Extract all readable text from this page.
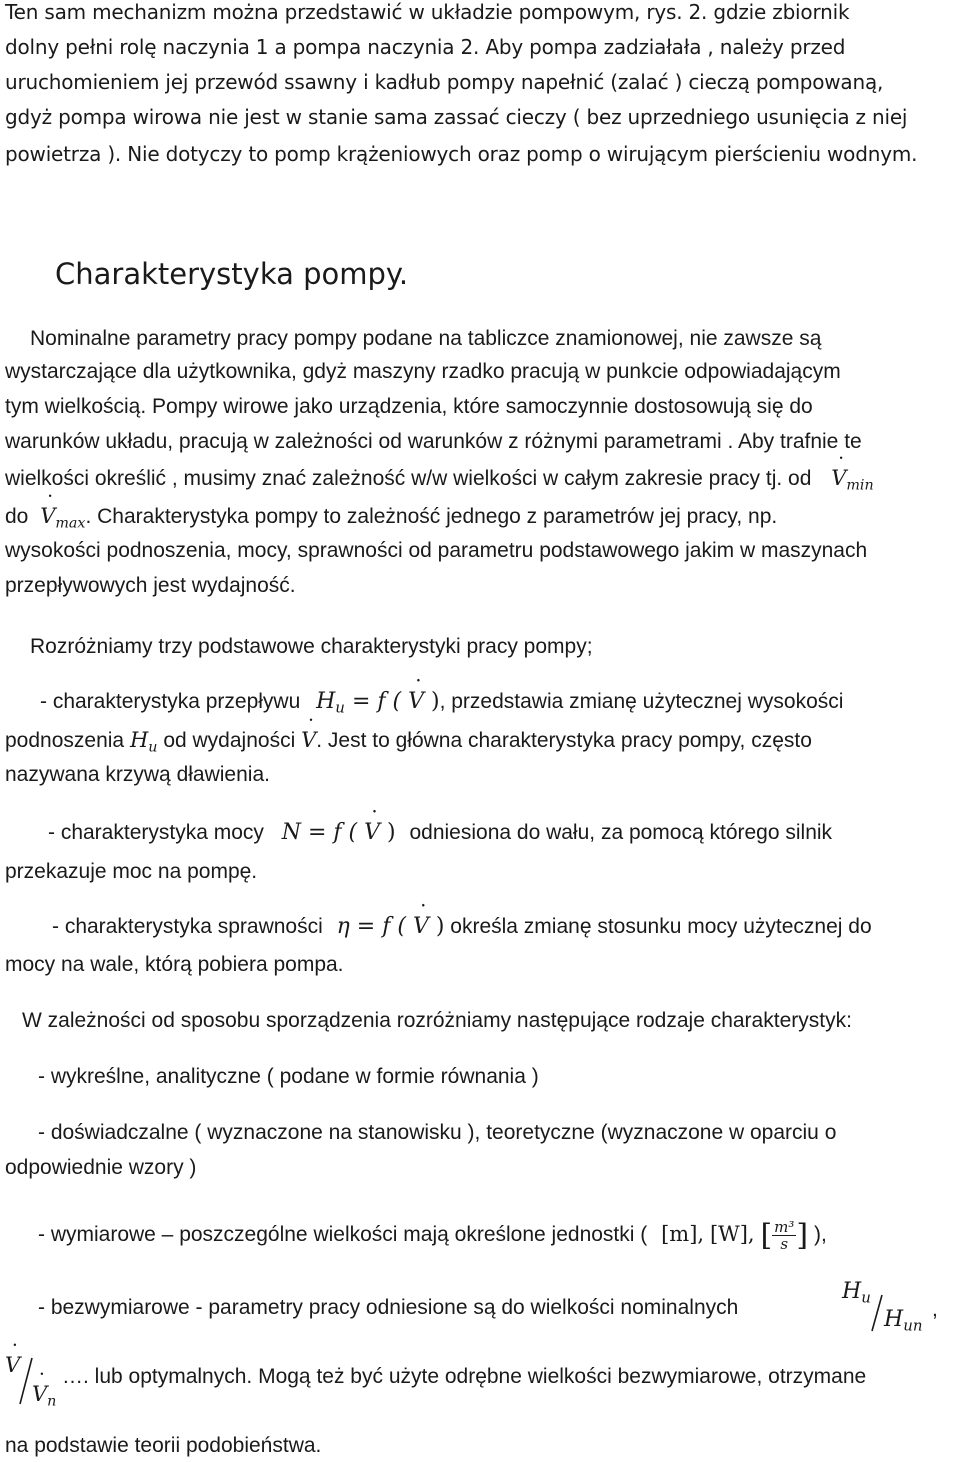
Ten sam mechanizm można przedstawić w układzie pompowym, rys. 2. gdzie zbiornik
dolny pełni rolę naczynia 1 a pompa naczynia 2. Aby pompa zadziałała , należy przed
uruchomieniem jej przewód ssawny i kadłub pompy napełnić (zalać ) cieczą pompowaną,
gdyż pompa wirowa nie jest w stanie sama zassać cieczy ( bez uprzedniego usunięcia z niej
powietrza ). Nie dotyczy to pomp krążeniowych oraz pomp o wirującym pierścieniu wodnym.
Charakterystyka pompy.
Nominalne parametry pracy pompy podane na tabliczce znamionowej, nie zawsze są
wystarczające dla użytkownika, gdyż maszyny rzadko pracują w punkcie odpowiadającym
tym wielkością. Pompy wirowe jako urządzenia, które samoczynnie dostosowują się do
warunków układu, pracują w zależności od warunków z różnymi parametrami . Aby trafnie te
wielkości określić , musimy znać zależność w/w wielkości w całym zakresie pracy tj. od V $˙_{min}$
do V $˙_{max}$. Charakterystyka pompy to zależność jednego z parametrów jej pracy, np.
wysokości podnoszenia, mocy, sprawności od parametru podstawowego jakim w maszynach
przepływowych jest wydajność.
Rozróżniamy trzy podstawowe charakterystyki pracy pompy;
- charakterystyka przepływu $H_u = f$ ( V ˙ ), przedstawia zmianę użytecznej wysokości
podnoszenia $H_u$ od wydajności V ˙. Jest to główna charakterystyka pracy pompy, często
nazywana krzywą dławienia.
- charakterystyka mocy N = f ( V ˙ ) odniesiona do wału, za pomocą którego silnik
przekazuje moc na pompę.
- charakterystyka sprawności η = f ( V ˙ ) określa zmianę stosunku mocy użytecznej do
mocy na wale, którą pobiera pompa.
W zależności od sposobu sporządzenia rozróżniamy następujące rodzaje charakterystyk:
- wykreślne, analityczne ( podane w formie równania )
- doświadczalne ( wyznaczone na stanowisku ), teoretyczne (wyznaczone w oparciu o
odpowiednie wzory )
- wymiarowe – poszczególne wielkości mają określone jednostki ( [m], [W], [ $\frac{\text{m³}}{s}$ ] ),
- bezwymiarowe - parametry pracy odniesione są do wielkości nominalnych
$H_u$
$H_{un}$
,
V ˙
V $˙_n$
…. lub optymalnych. Mogą też być użyte odrębne wielkości bezwymiarowe, otrzymane
na podstawie teorii podobieństwa.
